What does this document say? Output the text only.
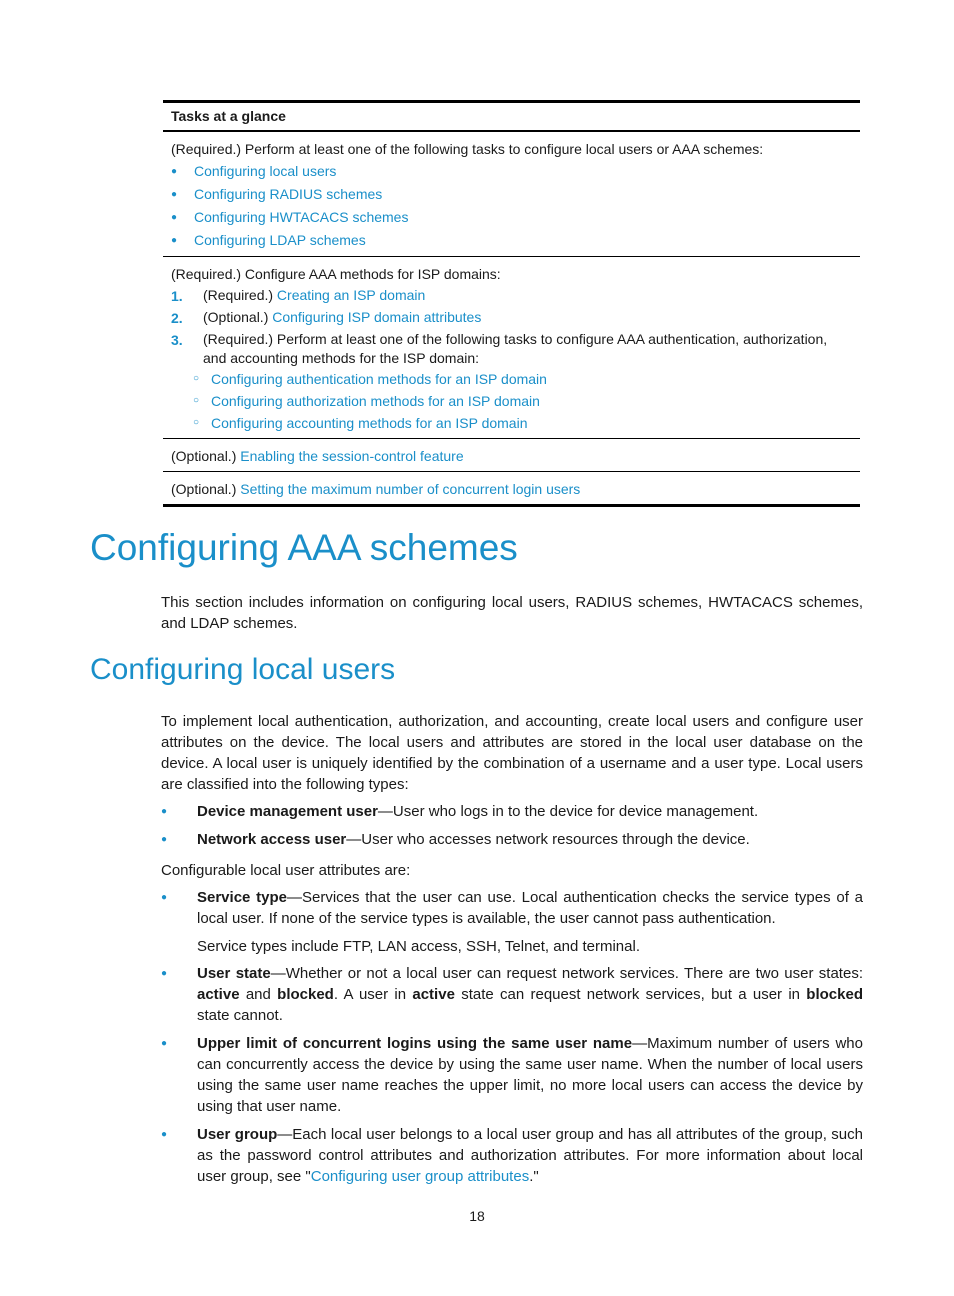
Tasks at a glance
(Required.) Perform at least one of the following tasks to configure local users or AAA schemes:
●	Configuring local users
●	Configuring RADIUS schemes
●	Configuring HWTACACS schemes
●	Configuring LDAP schemes
(Required.) Configure AAA methods for ISP domains:
1.	(Required.) Creating an ISP domain
2.	(Optional.) Configuring ISP domain attributes
3.	(Required.) Perform at least one of the following tasks to configure AAA authentication, authorization, and accounting methods for the ISP domain:
○ Configuring authentication methods for an ISP domain
○ Configuring authorization methods for an ISP domain
○ Configuring accounting methods for an ISP domain
(Optional.) Enabling the session-control feature
(Optional.) Setting the maximum number of concurrent login users
Configuring AAA schemes
This section includes information on configuring local users, RADIUS schemes, HWTACACS schemes, and LDAP schemes.
Configuring local users
To implement local authentication, authorization, and accounting, create local users and configure user attributes on the device. The local users and attributes are stored in the local user database on the device. A local user is uniquely identified by the combination of a username and a user type. Local users are classified into the following types:
●	Device management user—User who logs in to the device for device management.
●	Network access user—User who accesses network resources through the device.
Configurable local user attributes are:
●	Service type—Services that the user can use. Local authentication checks the service types of a local user. If none of the service types is available, the user cannot pass authentication.
Service types include FTP, LAN access, SSH, Telnet, and terminal.
●	User state—Whether or not a local user can request network services. There are two user states: active and blocked. A user in active state can request network services, but a user in blocked state cannot.
●	Upper limit of concurrent logins using the same user name—Maximum number of users who can concurrently access the device by using the same user name. When the number of local users using the same user name reaches the upper limit, no more local users can access the device by using that user name.
●	User group—Each local user belongs to a local user group and has all attributes of the group, such as the password control attributes and authorization attributes. For more information about local user group, see "Configuring user group attributes."
18
